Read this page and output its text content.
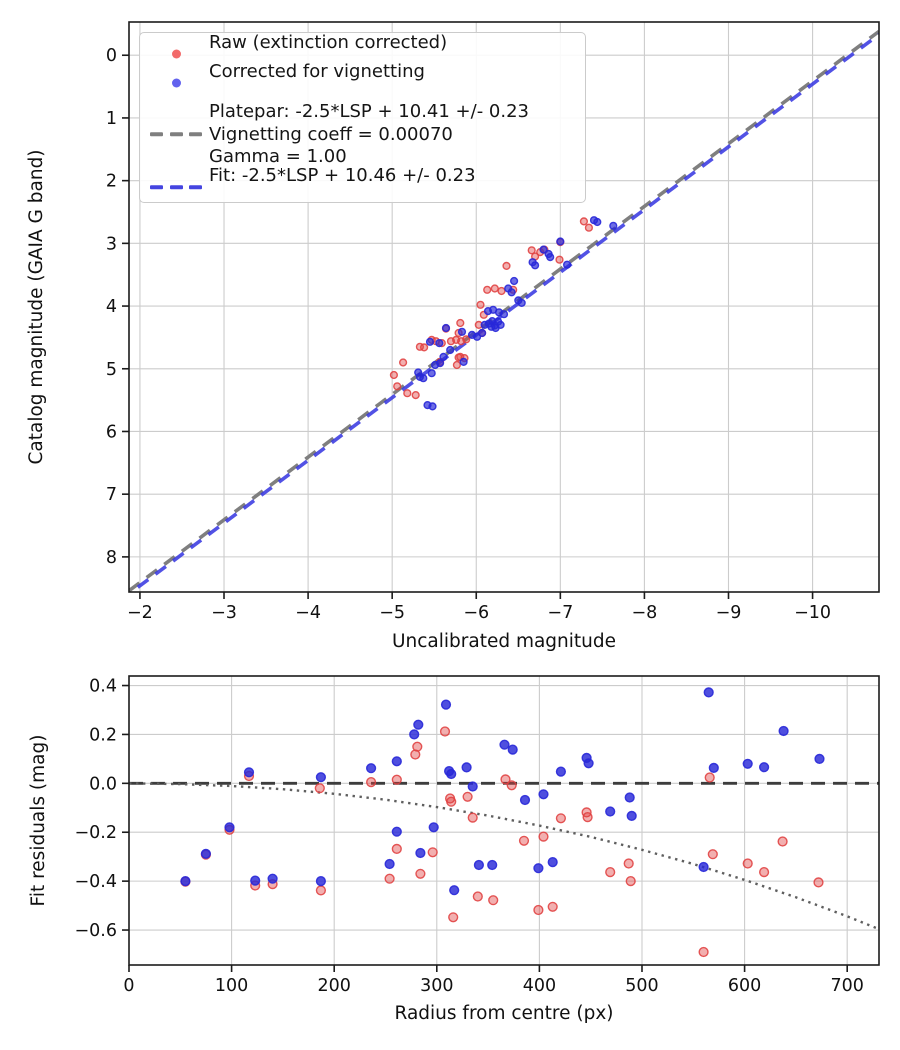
−2	−3	−4	−5	−6	−7	−8	−9	−10
0
1
2
3
4
5
6
7
8
Uncalibrated magnitude
Catalog magnitude (GAIA G band)
0	100	200	300	400	500	600	700
0.4
0.2
0.0
−0.2
−0.4
−0.6
Radius from centre (px)
Fit residuals (mag)
Raw (extinction corrected)
Corrected for vignetting
Platepar: -2.5*LSP + 10.41 +/- 0.23
Vignetting coeff = 0.00070
Gamma = 1.00
Fit: -2.5*LSP + 10.46 +/- 0.23
